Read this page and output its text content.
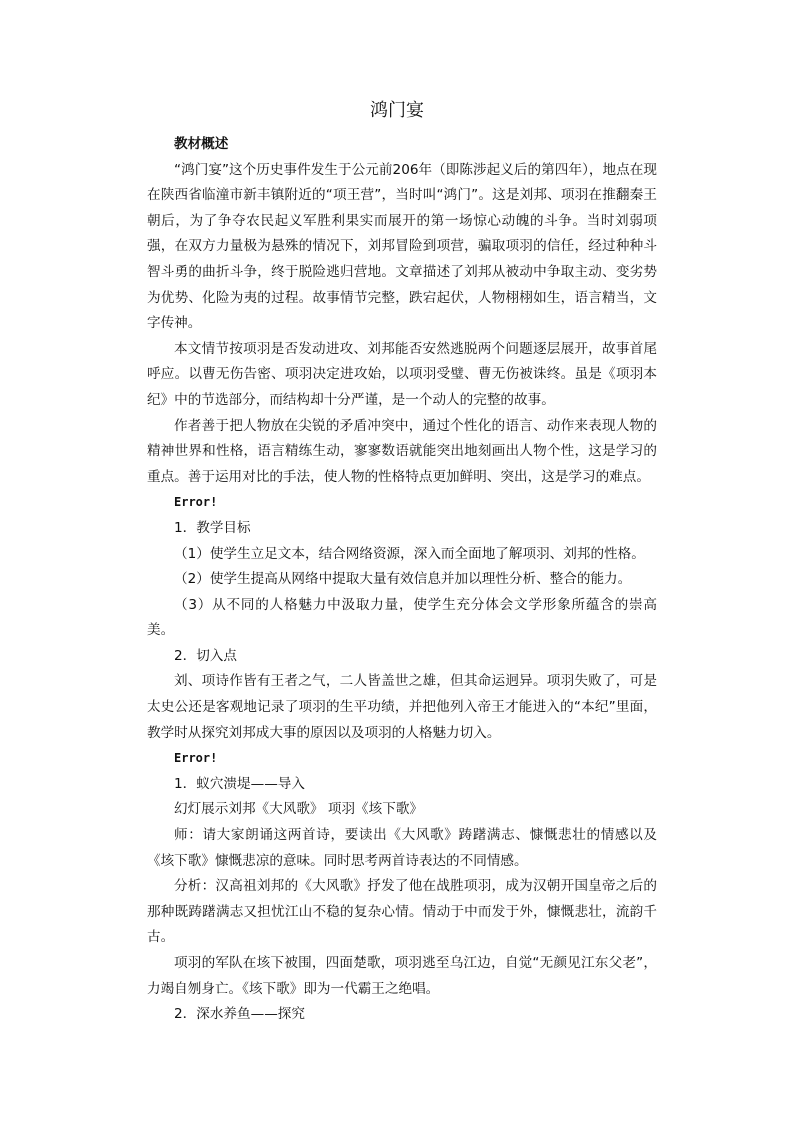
鸿门宴

教材概述

“鸿门宴”这个历史事件发生于公元前206年（即陈涉起义后的第四年），地点在现在陕西省临潼市新丰镇附近的“项王营”，当时叫“鸿门”。这是刘邦、项羽在推翻秦王朝后，为了争夺农民起义军胜利果实而展开的第一场惊心动魄的斗争。当时刘弱项强，在双方力量极为悬殊的情况下，刘邦冒险到项营，骗取项羽的信任，经过种种斗智斗勇的曲折斗争，终于脱险逃归营地。文章描述了刘邦从被动中争取主动、变劣势为优势、化险为夷的过程。故事情节完整，跌宕起伏，人物栩栩如生，语言精当，文字传神。

本文情节按项羽是否发动进攻、刘邦能否安然逃脱两个问题逐层展开，故事首尾呼应。以曹无伤告密、项羽决定进攻始，以项羽受璧、曹无伤被诛终。虽是《项羽本纪》中的节选部分，而结构却十分严谨，是一个动人的完整的故事。

作者善于把人物放在尖锐的矛盾冲突中，通过个性化的语言、动作来表现人物的精神世界和性格，语言精练生动，寥寥数语就能突出地刻画出人物个性，这是学习的重点。善于运用对比的手法，使人物的性格特点更加鲜明、突出，这是学习的难点。

Error!

1．教学目标

（1）使学生立足文本，结合网络资源，深入而全面地了解项羽、刘邦的性格。

（2）使学生提高从网络中提取大量有效信息并加以理性分析、整合的能力。

（3）从不同的人格魅力中汲取力量，使学生充分体会文学形象所蕴含的崇高美。

2．切入点

刘、项诗作皆有王者之气，二人皆盖世之雄，但其命运迥异。项羽失败了，可是太史公还是客观地记录了项羽的生平功绩，并把他列入帝王才能进入的“本纪”里面，教学时从探究刘邦成大事的原因以及项羽的人格魅力切入。

Error!

1．蚁穴溃堤——导入

幻灯展示刘邦《大风歌》 项羽《垓下歌》

师：请大家朗诵这两首诗，要读出《大风歌》踌躇满志、慷慨悲壮的情感以及《垓下歌》慷慨悲凉的意味。同时思考两首诗表达的不同情感。

分析：汉高祖刘邦的《大风歌》抒发了他在战胜项羽，成为汉朝开国皇帝之后的那种既踌躇满志又担忧江山不稳的复杂心情。情动于中而发于外，慷慨悲壮，流韵千古。

项羽的军队在垓下被围，四面楚歌，项羽逃至乌江边，自觉“无颜见江东父老”，力竭自刎身亡。《垓下歌》即为一代霸王之绝唱。

2．深水养鱼——探究
